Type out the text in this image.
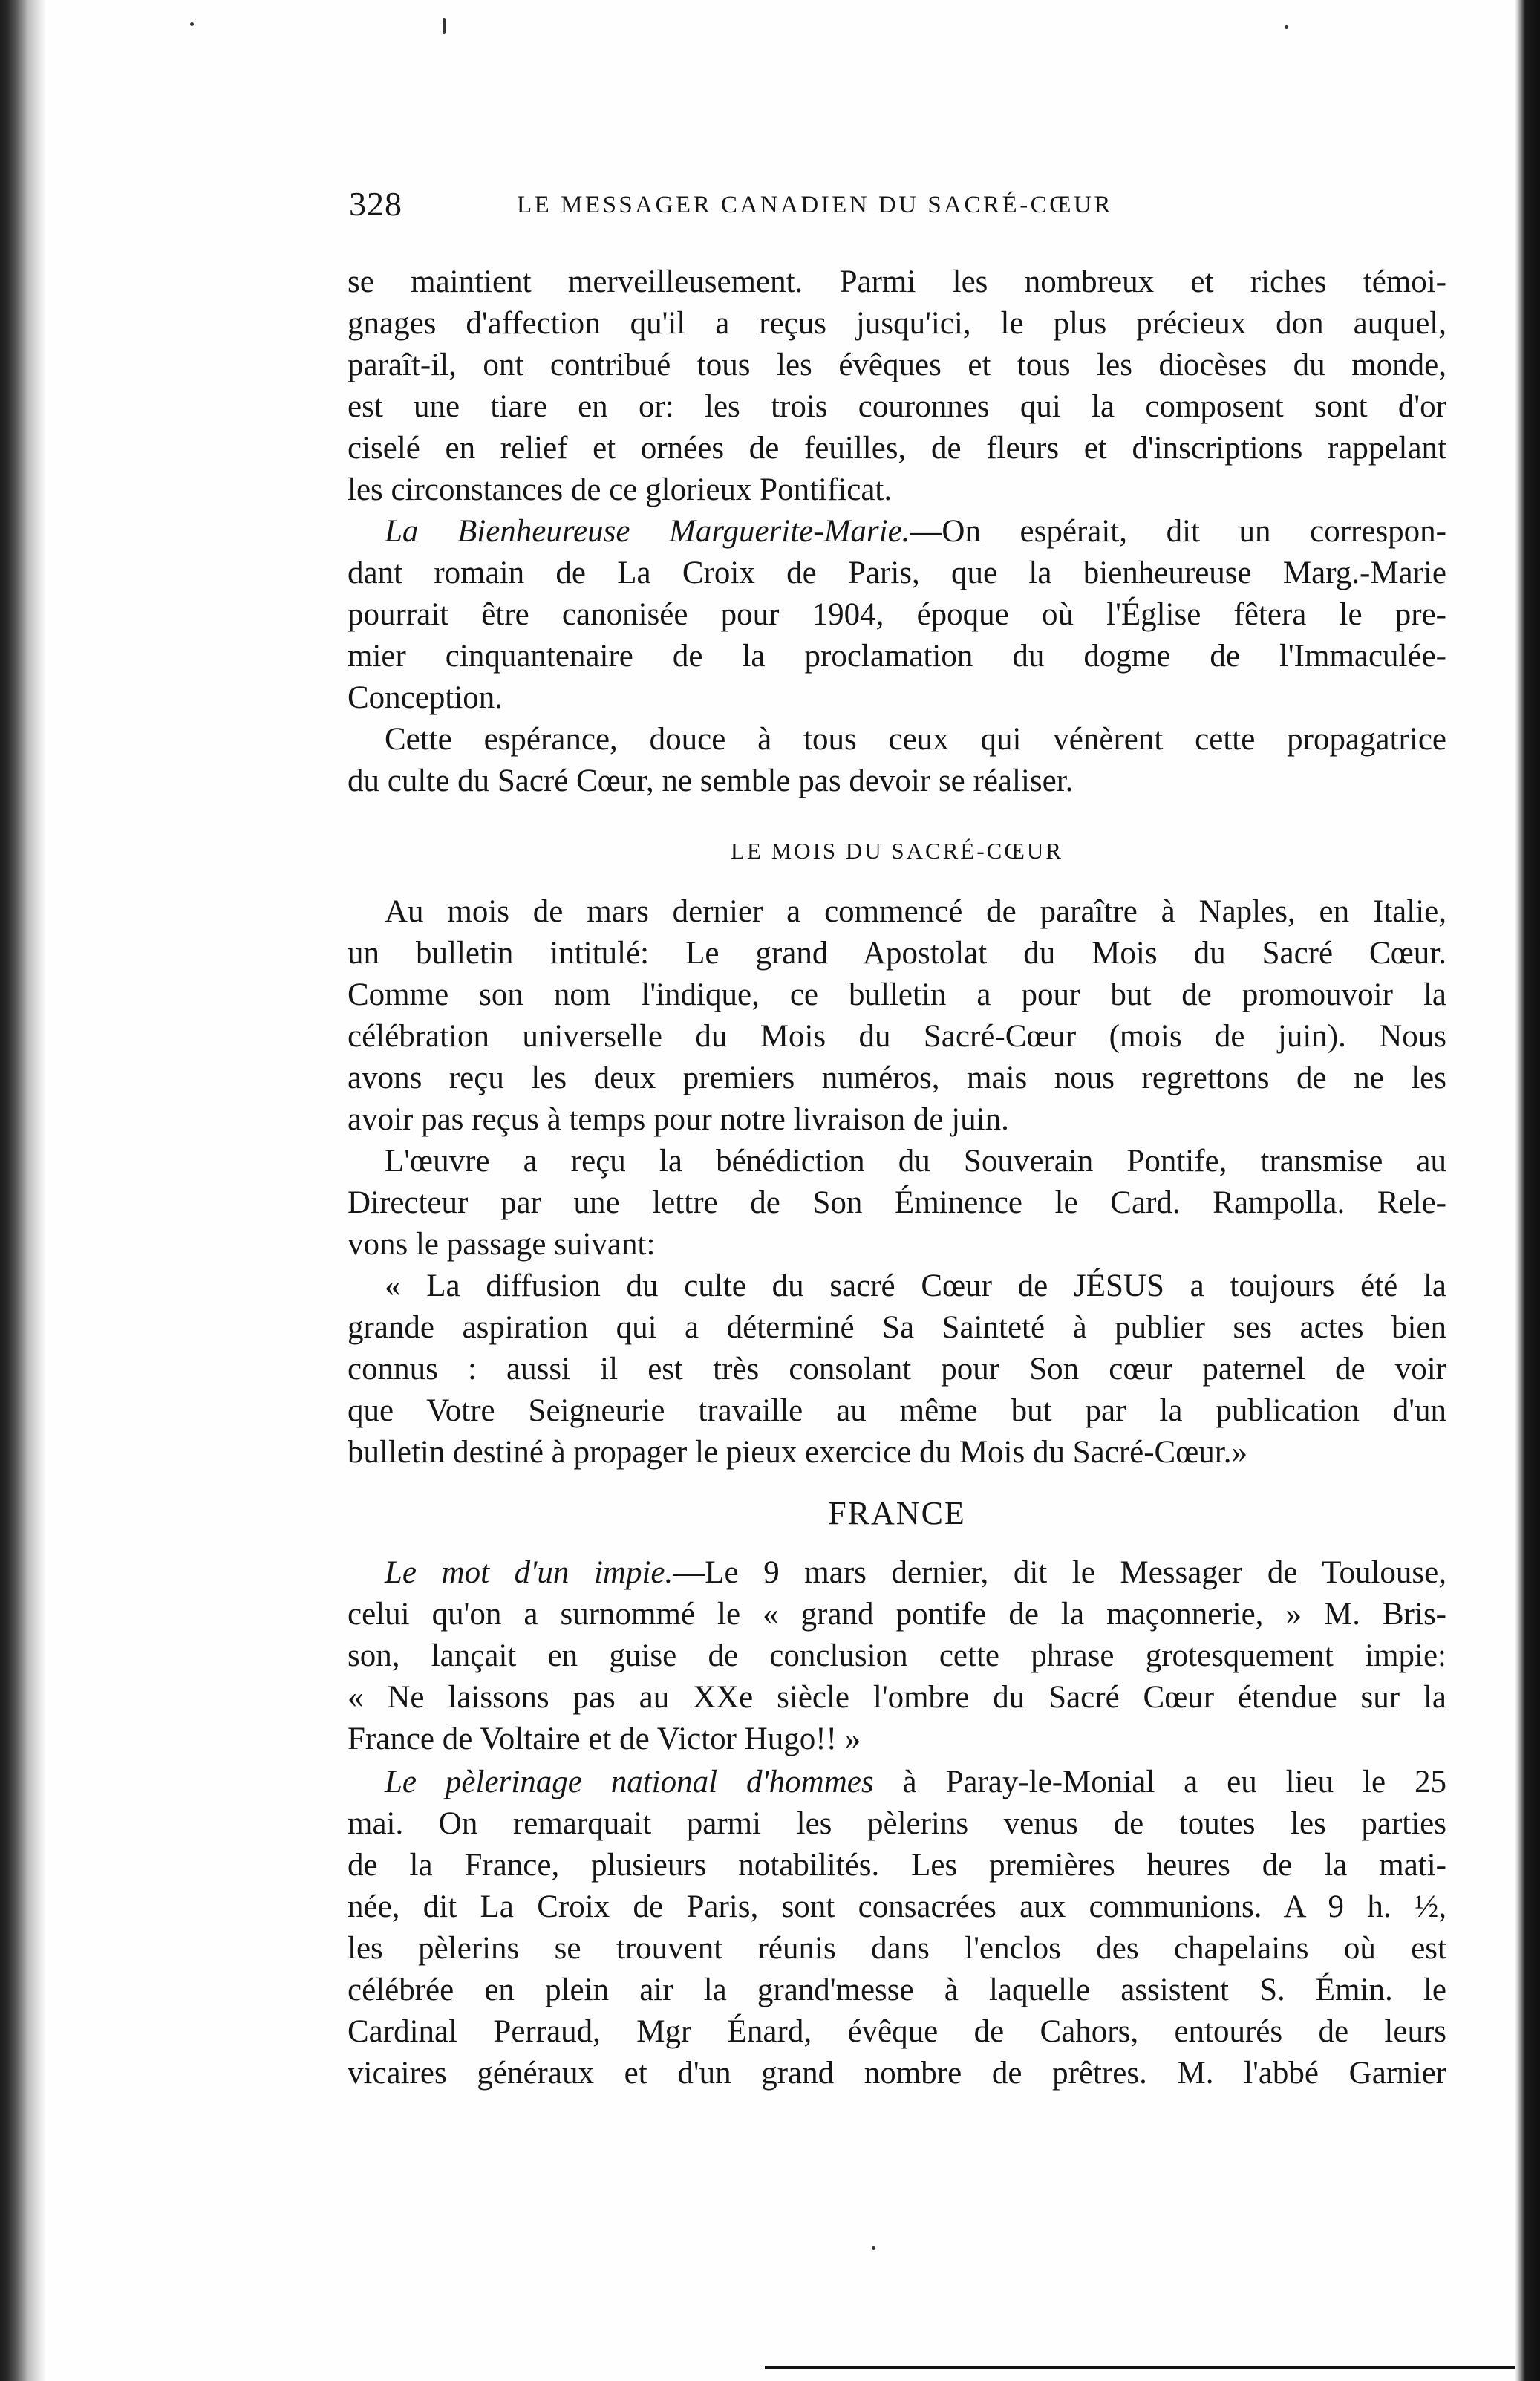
328	LE MESSAGER CANADIEN DU SACRÉ-CŒUR

se maintient merveilleusement. Parmi les nombreux et riches témoi-
gnages d'affection qu'il a reçus jusqu'ici, le plus précieux don auquel,
paraît-il, ont contribué tous les évêques et tous les diocèses du monde,
est une tiare en or: les trois couronnes qui la composent sont d'or
ciselé en relief et ornées de feuilles, de fleurs et d'inscriptions rappelant
les circonstances de ce glorieux Pontificat.

La Bienheureuse Marguerite-Marie.—On espérait, dit un correspon-
dant romain de La Croix de Paris, que la bienheureuse Marg.-Marie
pourrait être canonisée pour 1904, époque où l'Église fêtera le pre-
mier cinquantenaire de la proclamation du dogme de l'Immaculée-
Conception.

Cette espérance, douce à tous ceux qui vénèrent cette propagatrice
du culte du Sacré Cœur, ne semble pas devoir se réaliser.

LE MOIS DU SACRÉ-CŒUR

Au mois de mars dernier a commencé de paraître à Naples, en Italie,
un bulletin intitulé: Le grand Apostolat du Mois du Sacré Cœur.
Comme son nom l'indique, ce bulletin a pour but de promouvoir la
célébration universelle du Mois du Sacré-Cœur (mois de juin). Nous
avons reçu les deux premiers numéros, mais nous regrettons de ne les
avoir pas reçus à temps pour notre livraison de juin.

L'œuvre a reçu la bénédiction du Souverain Pontife, transmise au
Directeur par une lettre de Son Éminence le Card. Rampolla. Rele-
vons le passage suivant:

« La diffusion du culte du sacré Cœur de JÉSUS a toujours été la
grande aspiration qui a déterminé Sa Sainteté à publier ses actes bien
connus : aussi il est très consolant pour Son cœur paternel de voir
que Votre Seigneurie travaille au même but par la publication d'un
bulletin destiné à propager le pieux exercice du Mois du Sacré-Cœur.»

FRANCE

Le mot d'un impie.—Le 9 mars dernier, dit le Messager de Toulouse,
celui qu'on a surnommé le « grand pontife de la maçonnerie, » M. Bris-
son, lançait en guise de conclusion cette phrase grotesquement impie:
« Ne laissons pas au XXe siècle l'ombre du Sacré Cœur étendue sur la
France de Voltaire et de Victor Hugo!! »

Le pèlerinage national d'hommes à Paray-le-Monial a eu lieu le 25
mai. On remarquait parmi les pèlerins venus de toutes les parties
de la France, plusieurs notabilités. Les premières heures de la mati-
née, dit La Croix de Paris, sont consacrées aux communions. A 9 h. ½,
les pèlerins se trouvent réunis dans l'enclos des chapelains où est
célébrée en plein air la grand'messe à laquelle assistent S. Émin. le
Cardinal Perraud, Mgr Énard, évêque de Cahors, entourés de leurs
vicaires généraux et d'un grand nombre de prêtres. M. l'abbé Garnier
